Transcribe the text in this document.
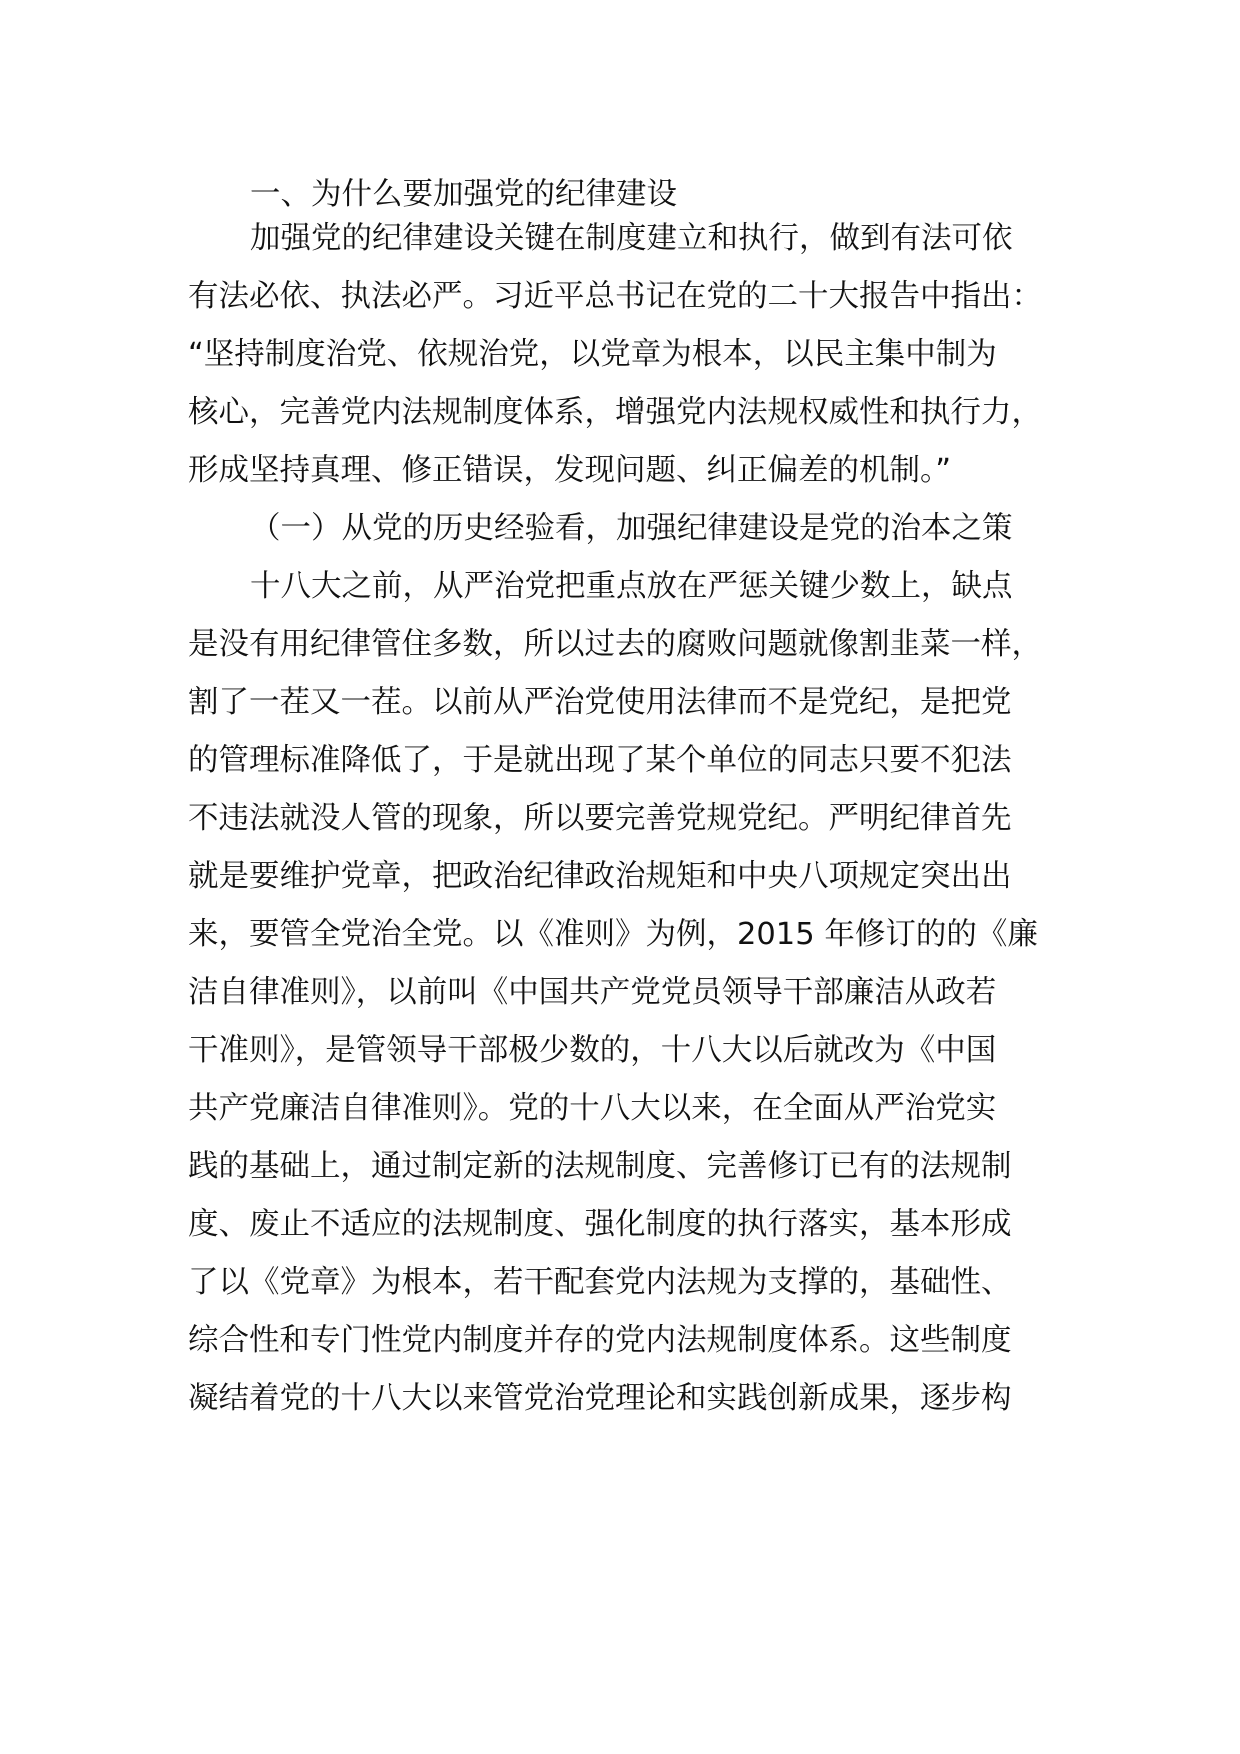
一、为什么要加强党的纪律建设
加强党的纪律建设关键在制度建立和执行，做到有法可依
有法必依、执法必严。习近平总书记在党的二十大报告中指出：
“坚持制度治党、依规治党，以党章为根本，以民主集中制为
核心，完善党内法规制度体系，增强党内法规权威性和执行力，
形成坚持真理、修正错误，发现问题、纠正偏差的机制。”
（一）从党的历史经验看，加强纪律建设是党的治本之策
十八大之前，从严治党把重点放在严惩关键少数上，缺点
是没有用纪律管住多数，所以过去的腐败问题就像割韭菜一样，
割了一茬又一茬。以前从严治党使用法律而不是党纪，是把党
的管理标准降低了，于是就出现了某个单位的同志只要不犯法
不违法就没人管的现象，所以要完善党规党纪。严明纪律首先
就是要维护党章，把政治纪律政治规矩和中央八项规定突出出
来，要管全党治全党。以《准则》为例，2015 年修订的的《廉
洁自律准则》，以前叫《中国共产党党员领导干部廉洁从政若
干准则》，是管领导干部极少数的，十八大以后就改为《中国
共产党廉洁自律准则》。党的十八大以来，在全面从严治党实
践的基础上，通过制定新的法规制度、完善修订已有的法规制
度、废止不适应的法规制度、强化制度的执行落实，基本形成
了以《党章》为根本，若干配套党内法规为支撑的，基础性、
综合性和专门性党内制度并存的党内法规制度体系。这些制度
凝结着党的十八大以来管党治党理论和实践创新成果，逐步构
